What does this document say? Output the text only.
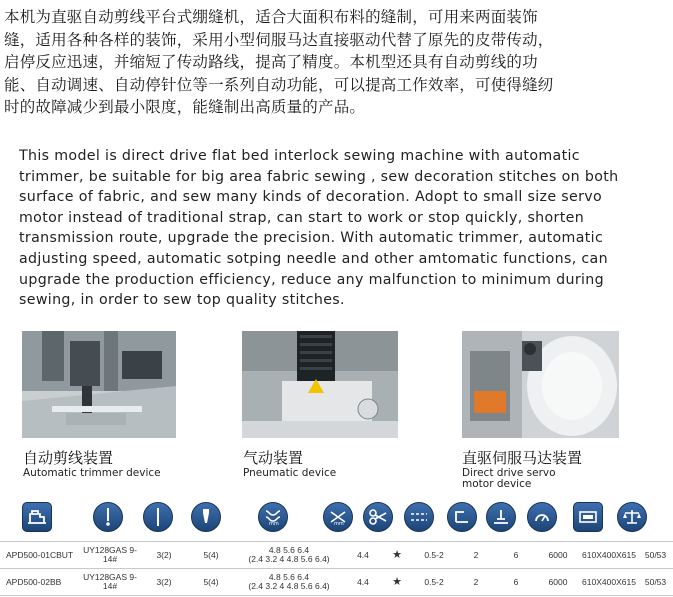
本机为直驱自动剪线平台式绷缝机，适合大面积布料的缝制，可用来两面装饰
缝，适用各种各样的装饰，采用小型伺服马达直接驱动代替了原先的皮带传动，
启停反应迅速，并缩短了传动路线，提高了精度。本机型还具有自动剪线的功
能、自动调速、自动停针位等一系列自动功能，可以提高工作效率，可使得缝纫
时的故障减少到最小限度，能缝制出高质量的产品。
This model is direct drive flat bed interlock sewing machine with automatic
trimmer, be suitable for big area fabric sewing , sew decoration stitches on both
surface of fabric, and sew many kinds of decoration. Adopt to small size servo
motor instead of traditional strap, can start to work or stop quickly, shorten
transmission route, upgrade the precision. With automatic trimmer, automatic
adjusting speed, automatic sotping needle and other amtomatic functions, can
upgrade the production efficiency, reduce any malfunction to minimum during
sewing, in order to sew top quality stitches.
自动剪线装置
Automatic trimmer device
气动装置
Pneumatic device
直驱伺服马达装置
Direct drive servo motor device
mm	mm
APD500-01CBUT	UY128GAS 9-14#	3(2)	5(4)	4.8 5.6 6.4
(2.4 3.2 4 4.8 5.6 6.4)	4.4	★	0.5-2	2	6	6000	610X400X615	50/53
APD500-02BB	UY128GAS 9-14#	3(2)	5(4)	4.8 5.6 6.4
(2.4 3.2 4 4.8 5.6 6.4)	4.4	★	0.5-2	2	6	6000	610X400X615	50/53
